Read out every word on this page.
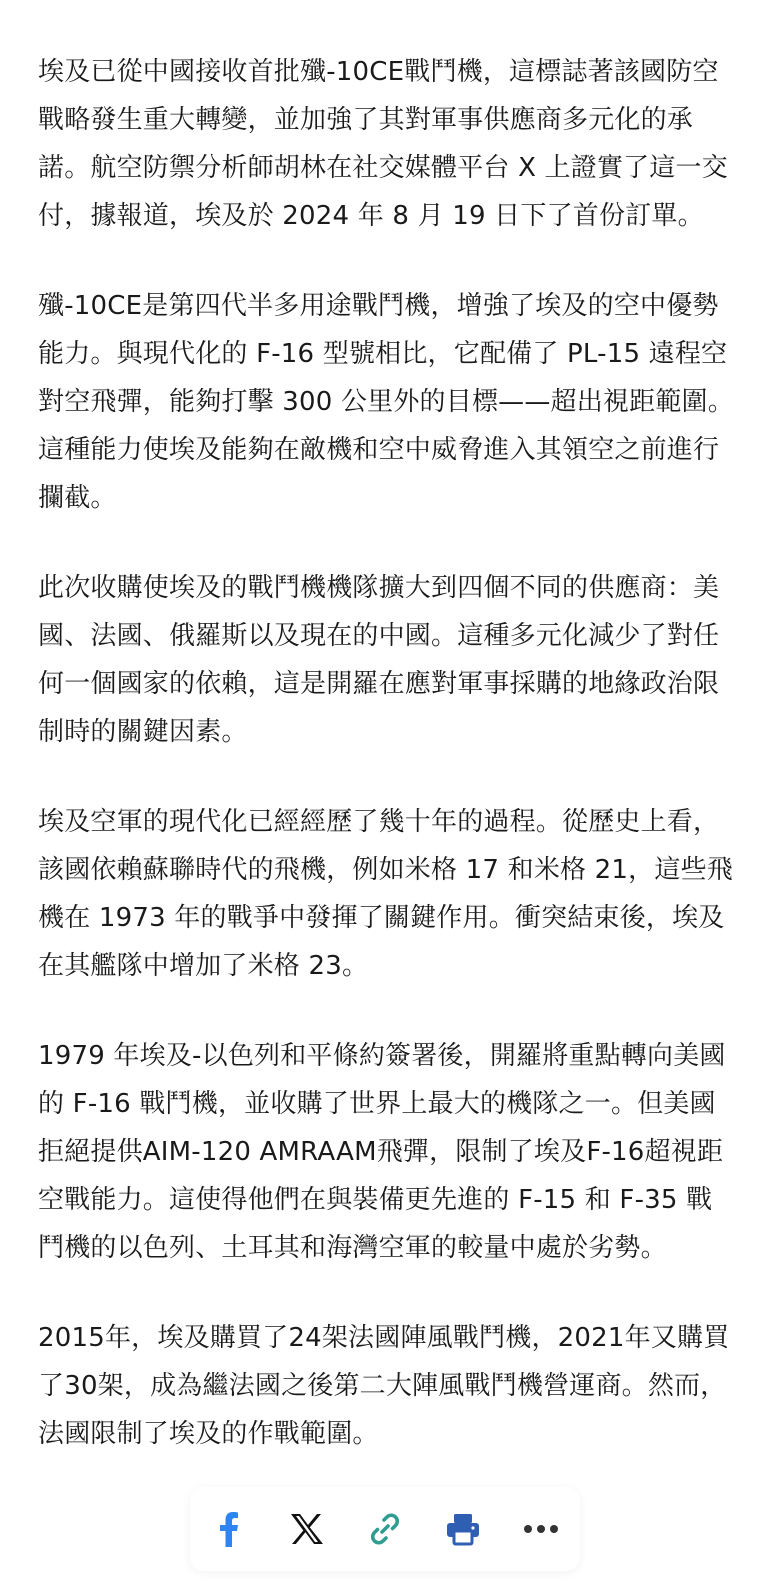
埃及已從中國接收首批殲-10CE戰鬥機，這標誌著該國防空戰略發生重大轉變，並加強了其對軍事供應商多元化的承諾。航空防禦分析師胡林在社交媒體平台 X 上證實了這一交付，據報道，埃及於 2024 年 8 月 19 日下了首份訂單。

殲-10CE是第四代半多用途戰鬥機，增強了埃及的空中優勢能力。與現代化的 F-16 型號相比，它配備了 PL-15 遠程空對空飛彈，能夠打擊 300 公里外的目標——超出視距範圍。這種能力使埃及能夠在敵機和空中威脅進入其領空之前進行攔截。

此次收購使埃及的戰鬥機機隊擴大到四個不同的供應商：美國、法國、俄羅斯以及現在的中國。這種多元化減少了對任何一個國家的依賴，這是開羅在應對軍事採購的地緣政治限制時的關鍵因素。

埃及空軍的現代化已經經歷了幾十年的過程。從歷史上看，該國依賴蘇聯時代的飛機，例如米格 17 和米格 21，這些飛機在 1973 年的戰爭中發揮了關鍵作用。衝突結束後，埃及在其艦隊中增加了米格 23。

1979 年埃及-以色列和平條約簽署後，開羅將重點轉向美國的 F-16 戰鬥機，並收購了世界上最大的機隊之一。但美國拒絕提供AIM-120 AMRAAM飛彈，限制了埃及F-16超視距空戰能力。這使得他們在與裝備更先進的 F-15 和 F-35 戰鬥機的以色列、土耳其和海灣空軍的較量中處於劣勢。

2015年，埃及購買了24架法國陣風戰鬥機，2021年又購買了30架，成為繼法國之後第二大陣風戰鬥機營運商。然而，法國限制了埃及的作戰範圍。
